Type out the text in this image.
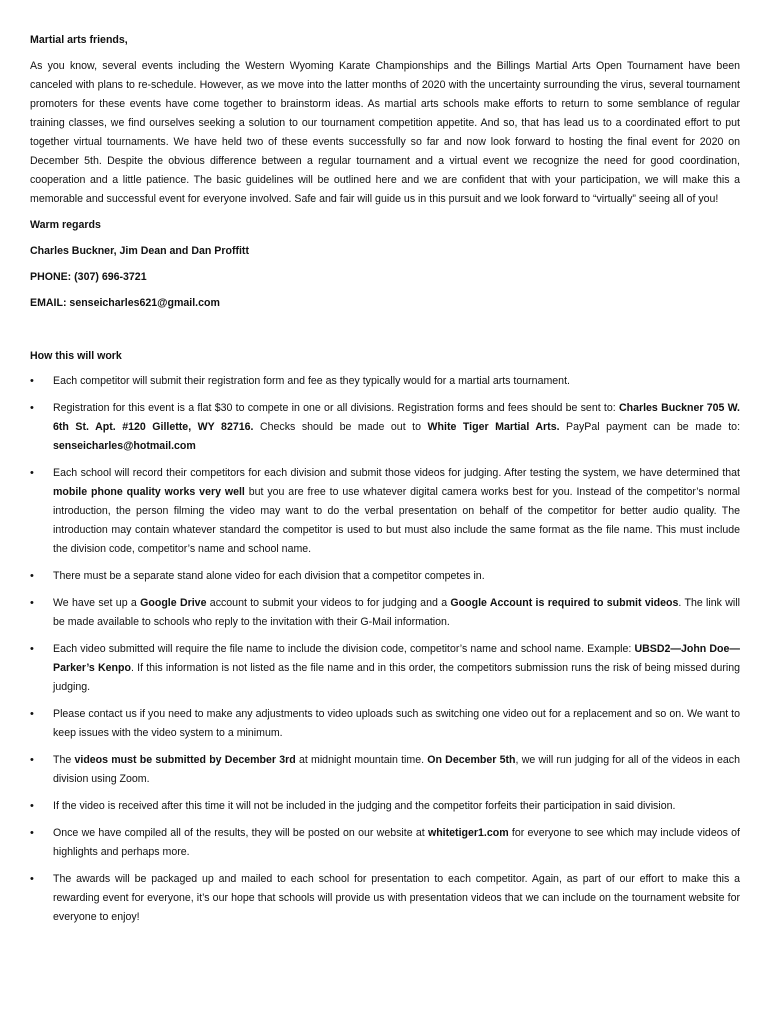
Martial arts friends,

As you know, several events including the Western Wyoming Karate Championships and the Billings Martial Arts Open Tournament have been canceled with plans to re-schedule. However, as we move into the latter months of 2020 with the uncertainty surrounding the virus, several tournament promoters for these events have come together to brainstorm ideas. As martial arts schools make efforts to return to some semblance of regular training classes, we find ourselves seeking a solution to our tournament competition appetite. And so, that has lead us to a coordinated effort to put together virtual tournaments. We have held two of these events successfully so far and now look forward to hosting the final event for 2020 on December 5th. Despite the obvious difference between a regular tournament and a virtual event we recognize the need for good coordination, cooperation and a little patience. The basic guidelines will be outlined here and we are confident that with your participation, we will make this a memorable and successful event for everyone involved. Safe and fair will guide us in this pursuit and we look forward to “virtually” seeing all of you!

Warm regards

Charles Buckner, Jim Dean and Dan Proffitt

PHONE: (307) 696-3721

EMAIL: senseicharles621@gmail.com

How this will work

•
Each competitor will submit their registration form and fee as they typically would for a martial arts tournament.
•
Registration for this event is a flat $30 to compete in one or all divisions. Registration forms and fees should be sent to: Charles Buckner 705 W. 6th St. Apt. #120 Gillette, WY 82716. Checks should be made out to White Tiger Martial Arts. PayPal payment can be made to: senseicharles@hotmail.com
•
Each school will record their competitors for each division and submit those videos for judging. After testing the system, we have determined that mobile phone quality works very well but you are free to use whatever digital camera works best for you. Instead of the competitor’s normal introduction, the person filming the video may want to do the verbal presentation on behalf of the competitor for better audio quality. The introduction may contain whatever standard the competitor is used to but must also include the same format as the file name. This must include the division code, competitor’s name and school name.
•
There must be a separate stand alone video for each division that a competitor competes in.
•
We have set up a Google Drive account to submit your videos to for judging and a Google Account is required to submit videos. The link will be made available to schools who reply to the invitation with their G-Mail information.
•
Each video submitted will require the file name to include the division code, competitor’s name and school name. Example: UBSD2—John Doe—Parker’s Kenpo. If this information is not listed as the file name and in this order, the competitors submission runs the risk of being missed during judging.
•
Please contact us if you need to make any adjustments to video uploads such as switching one video out for a replacement and so on. We want to keep issues with the video system to a minimum.
•
The videos must be submitted by December 3rd at midnight mountain time. On December 5th, we will run judging for all of the videos in each division using Zoom.
•
If the video is received after this time it will not be included in the judging and the competitor forfeits their participation in said division.
•
Once we have compiled all of the results, they will be posted on our website at whitetiger1.com for everyone to see which may include videos of highlights and perhaps more.
•
The awards will be packaged up and mailed to each school for presentation to each competitor. Again, as part of our effort to make this a rewarding event for everyone, it’s our hope that schools will provide us with presentation videos that we can include on the tournament website for everyone to enjoy!
